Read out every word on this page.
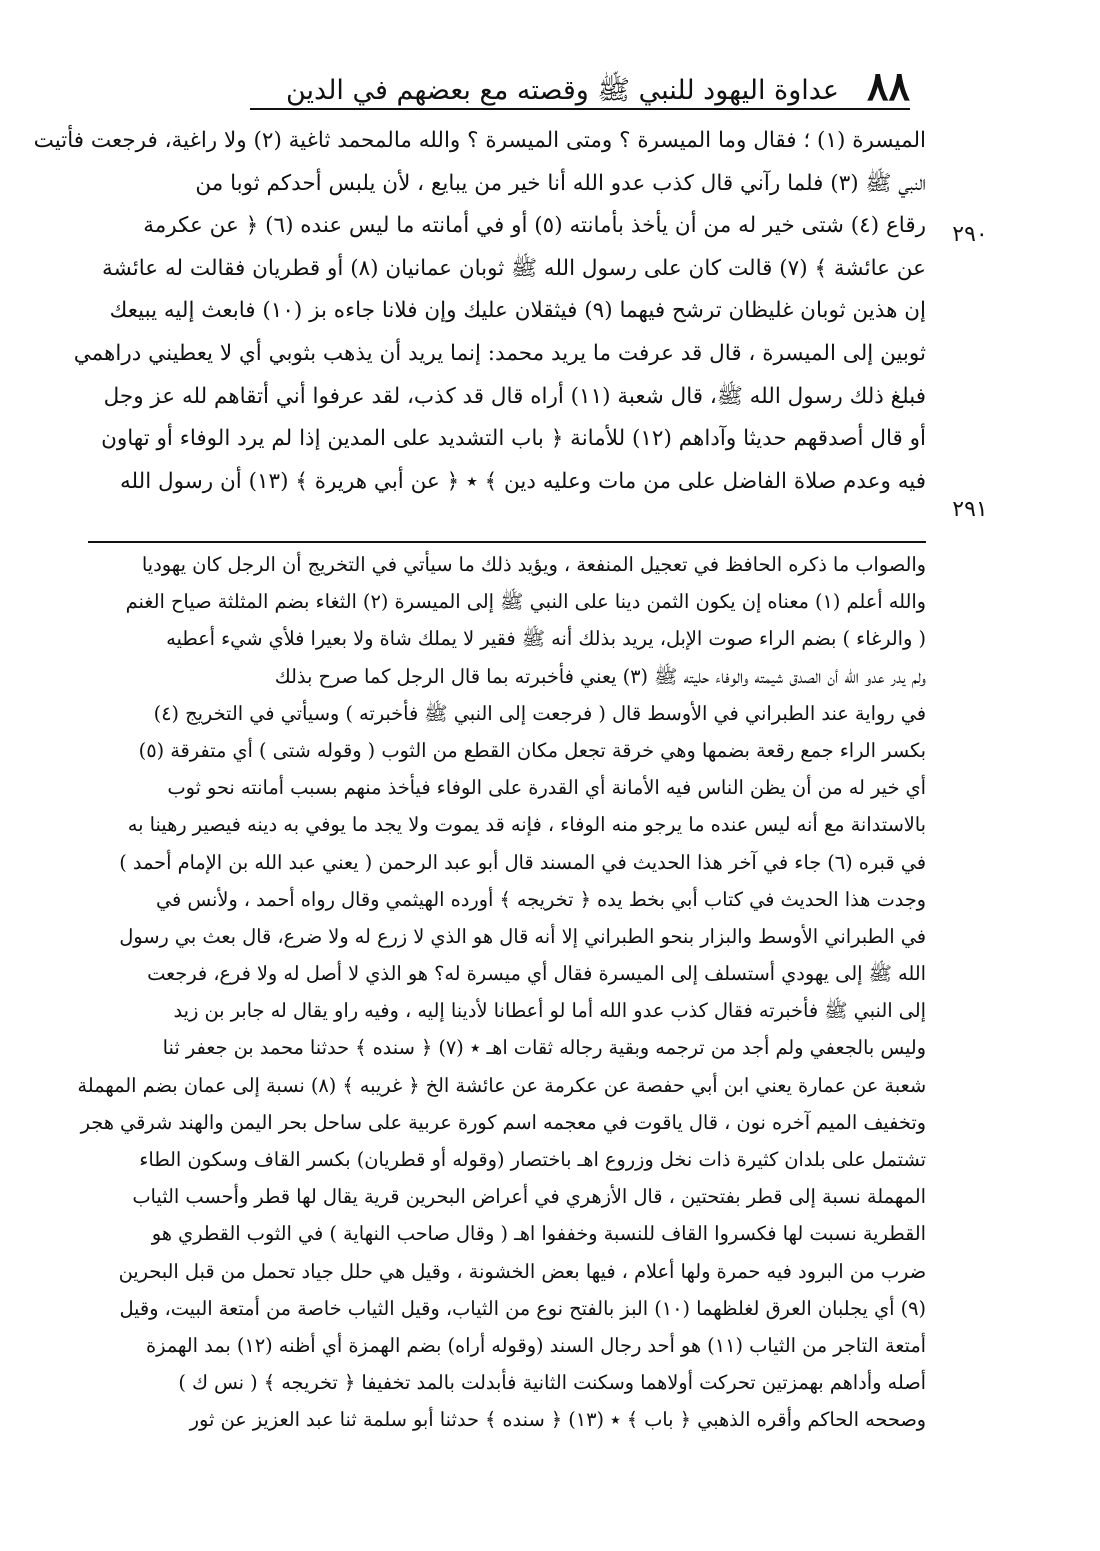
٨٨
عداوة اليهود للنبي ﷺ وقصته مع بعضهم في الدين
٢٩٠
٢٩١
الميسرة (١) ؛ فقال وما الميسرة ؟ ومتى الميسرة ؟ والله مالمحمد ثاغية (٢) ولا راغية، فرجعت فأتيت
النبي ﷺ (٣) فلما رآني قال كذب عدو الله أنا خير من يبايع ، لأن يلبس أحدكم ثوبا من
رقاع (٤) شتى خير له من أن يأخذ بأمانته (٥) أو في أمانته ما ليس عنده (٦) ﴿ عن عكرمة
عن عائشة ﴾ (٧) قالت كان على رسول الله ﷺ ثوبان عمانيان (٨) أو قطريان فقالت له عائشة
إن هذين ثوبان غليظان ترشح فيهما (٩) فيثقلان عليك وإن فلانا جاءه بز (١٠) فابعث إليه يبيعك
ثوبين إلى الميسرة ، قال قد عرفت ما يريد محمد: إنما يريد أن يذهب بثوبي أي لا يعطيني دراهمي
فبلغ ذلك رسول الله ﷺ، قال شعبة (١١) أراه قال قد كذب، لقد عرفوا أني أتقاهم لله عز وجل
أو قال أصدقهم حديثا وآداهم (١٢) للأمانة ﴿ باب التشديد على المدين إذا لم يرد الوفاء أو تهاون
فيه وعدم صلاة الفاضل على من مات وعليه دين ﴾ ٭ ﴿ عن أبي هريرة ﴾ (١٣) أن رسول الله
والصواب ما ذكره الحافظ في تعجيل المنفعة ، ويؤيد ذلك ما سيأتي في التخريج أن الرجل كان يهوديا
والله أعلم (١) معناه إن يكون الثمن دينا على النبي ﷺ إلى الميسرة (٢) الثغاء بضم المثلثة صياح الغنم
( والرغاء ) بضم الراء صوت الإبل، يريد بذلك أنه ﷺ فقير لا يملك شاة ولا بعيرا فلأي شيء أعطيه
ولم يدر عدو الله أن الصدق شيمته والوفاء حليته ﷺ (٣) يعني فأخبرته بما قال الرجل كما صرح بذلك
في رواية عند الطبراني في الأوسط قال ( فرجعت إلى النبي ﷺ فأخبرته ) وسيأتي في التخريج (٤)
بكسر الراء جمع رقعة بضمها وهي خرقة تجعل مكان القطع من الثوب ( وقوله شتى ) أي متفرقة (٥)
أي خير له من أن يظن الناس فيه الأمانة أي القدرة على الوفاء فيأخذ منهم بسبب أمانته نحو ثوب
بالاستدانة مع أنه ليس عنده ما يرجو منه الوفاء ، فإنه قد يموت ولا يجد ما يوفي به دينه فيصير رهينا به
في قبره (٦) جاء في آخر هذا الحديث في المسند قال أبو عبد الرحمن ( يعني عبد الله بن الإمام أحمد )
وجدت هذا الحديث في كتاب أبي بخط يده ﴿ تخريجه ﴾ أورده الهيثمي وقال رواه أحمد ، ولأنس في
في الطبراني الأوسط والبزار بنحو الطبراني إلا أنه قال هو الذي لا زرع له ولا ضرع، قال بعث بي رسول
الله ﷺ إلى يهودي أستسلف إلى الميسرة فقال أي ميسرة له؟ هو الذي لا أصل له ولا فرع، فرجعت
إلى النبي ﷺ فأخبرته فقال كذب عدو الله أما لو أعطانا لأدينا إليه ، وفيه راو يقال له جابر بن زيد
وليس بالجعفي ولم أجد من ترجمه وبقية رجاله ثقات اهـ ٭ (٧) ﴿ سنده ﴾ حدثنا محمد بن جعفر ثنا
شعبة عن عمارة يعني ابن أبي حفصة عن عكرمة عن عائشة الخ ﴿ غريبه ﴾ (٨) نسبة إلى عمان بضم المهملة
وتخفيف الميم آخره نون ، قال ياقوت في معجمه اسم كورة عربية على ساحل بحر اليمن والهند شرقي هجر
تشتمل على بلدان كثيرة ذات نخل وزروع اهـ باختصار (وقوله أو قطريان) بكسر القاف وسكون الطاء
المهملة نسبة إلى قطر بفتحتين ، قال الأزهري في أعراض البحرين قرية يقال لها قطر وأحسب الثياب
القطرية نسبت لها فكسروا القاف للنسبة وخففوا اهـ ( وقال صاحب النهاية ) في الثوب القطري هو
ضرب من البرود فيه حمرة ولها أعلام ، فيها بعض الخشونة ، وقيل هي حلل جياد تحمل من قبل البحرين
(٩) أي يجلبان العرق لغلظهما (١٠) البز بالفتح نوع من الثياب، وقيل الثياب خاصة من أمتعة البيت، وقيل
أمتعة التاجر من الثياب (١١) هو أحد رجال السند (وقوله أراه) بضم الهمزة أي أظنه (١٢) بمد الهمزة
أصله وأداهم بهمزتين تحركت أولاهما وسكنت الثانية فأبدلت بالمد تخفيفا ﴿ تخريجه ﴾ ( نس ك )
وصححه الحاكم وأقره الذهبي ﴿ باب ﴾ ٭ (١٣) ﴿ سنده ﴾ حدثنا أبو سلمة ثنا عبد العزيز عن ثور
